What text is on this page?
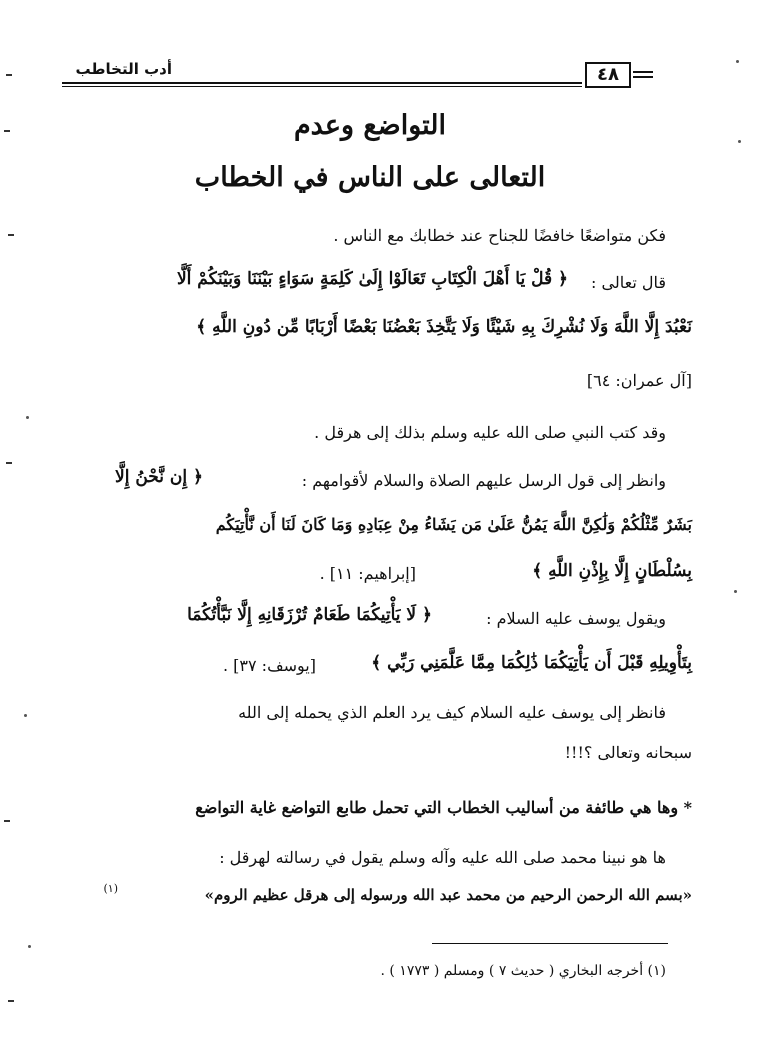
أدب التخاطب	٤٨
التواضع وعدم
التعالى على الناس في الخطاب
فكن متواضعًا خافضًا للجناح عند خطابك مع الناس .
قال تعالى :
﴿ قُلْ يَا أَهْلَ الْكِتَابِ تَعَالَوْا إِلَىٰ كَلِمَةٍ سَوَاءٍ بَيْنَنَا وَبَيْنَكُمْ أَلَّا
نَعْبُدَ إِلَّا اللَّهَ وَلَا نُشْرِكَ بِهِ شَيْئًا وَلَا يَتَّخِذَ بَعْضُنَا بَعْضًا أَرْبَابًا مِّن دُونِ اللَّهِ ﴾
[آل عمران: ٦٤]
وقد كتب النبي صلى الله عليه وسلم بذلك إلى هرقل .
وانظر إلى قول الرسل عليهم الصلاة والسلام لأقوامهم :
﴿ إِن نَّحْنُ إِلَّا
بَشَرٌ مِّثْلُكُمْ وَلَٰكِنَّ اللَّهَ يَمُنُّ عَلَىٰ مَن يَشَاءُ مِنْ عِبَادِهِ وَمَا كَانَ لَنَا أَن نَّأْتِيَكُم
بِسُلْطَانٍ إِلَّا بِإِذْنِ اللَّهِ ﴾
[إبراهيم: ١١] .
ويقول يوسف عليه السلام :
﴿ لَا يَأْتِيكُمَا طَعَامٌ تُرْزَقَانِهِ إِلَّا نَبَّأْتُكُمَا
بِتَأْوِيلِهِ قَبْلَ أَن يَأْتِيَكُمَا ذَٰلِكُمَا مِمَّا عَلَّمَنِي رَبِّي ﴾
[يوسف: ٣٧] .
فانظر إلى يوسف عليه السلام كيف يرد العلم الذي يحمله إلى الله
سبحانه وتعالى ؟!!!
* وها هي طائفة من أساليب الخطاب التي تحمل طابع التواضع غاية التواضع
ها هو نبينا محمد صلى الله عليه وآله وسلم يقول في رسالته لهرقل :
«بسم الله الرحمن الرحيم من محمد عبد الله ورسوله إلى هرقل عظيم الروم»
(١)
(١) أخرجه البخاري ( حديث ٧ ) ومسلم ( ١٧٧٣ ) .
